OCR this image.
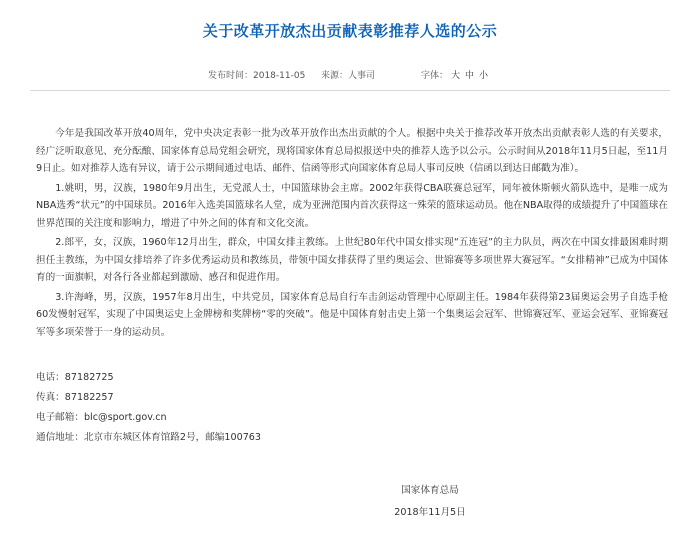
关于改革开放杰出贡献表彰推荐人选的公示
发布时间：2018-11-05 来源：人事司	字体： 大 中 小

今年是我国改革开放40周年，党中央决定表彰一批为改革开放作出杰出贡献的个人。根据中央关于推荐改革开放杰出贡献表彰人选的有关要求，经广泛听取意见、充分酝酿、国家体育总局党组会研究，现将国家体育总局拟报送中央的推荐人选予以公示。公示时间从2018年11月5日起，至11月9日止。如对推荐人选有异议，请于公示期间通过电话、邮件、信函等形式向国家体育总局人事司反映（信函以到达日邮戳为准）。

1.姚明，男，汉族，1980年9月出生，无党派人士，中国篮球协会主席。2002年获得CBA联赛总冠军，同年被休斯顿火箭队选中，是唯一成为NBA选秀“状元”的中国球员。2016年入选美国篮球名人堂，成为亚洲范围内首次获得这一殊荣的篮球运动员。他在NBA取得的成绩提升了中国篮球在世界范围的关注度和影响力，增进了中外之间的体育和文化交流。

2.郎平，女，汉族，1960年12月出生，群众，中国女排主教练。上世纪80年代中国女排实现“五连冠”的主力队员，两次在中国女排最困难时期担任主教练，为中国女排培养了许多优秀运动员和教练员，带领中国女排获得了里约奥运会、世锦赛等多项世界大赛冠军。“女排精神”已成为中国体育的一面旗帜，对各行各业都起到激励、感召和促进作用。

3.许海峰，男，汉族，1957年8月出生，中共党员，国家体育总局自行车击剑运动管理中心原副主任。1984年获得第23届奥运会男子自选手枪60发慢射冠军，实现了中国奥运史上金牌榜和奖牌榜“零的突破”。他是中国体育射击史上第一个集奥运会冠军、世锦赛冠军、亚运会冠军、亚锦赛冠军等多项荣誉于一身的运动员。

电话：87182725
传真：87182257
电子邮箱：blc@sport.gov.cn
通信地址：北京市东城区体育馆路2号，邮编100763
国家体育总局
2018年11月5日
